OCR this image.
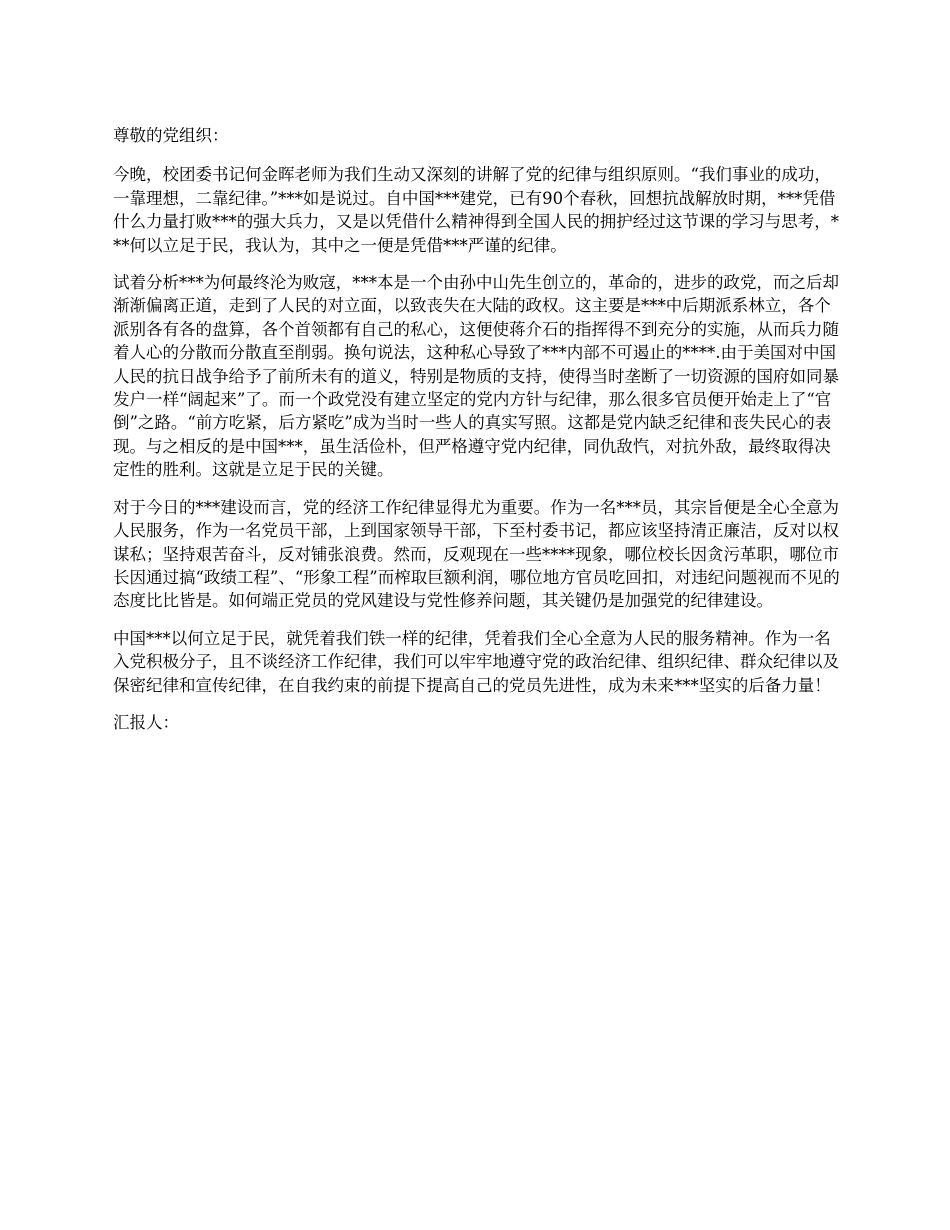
尊敬的党组织：

今晚，校团委书记何金晖老师为我们生动又深刻的讲解了党的纪律与组织原则。“我们事业的成功，一靠理想，二靠纪律。”***如是说过。自中国***建党，已有90个春秋，回想抗战解放时期，***凭借什么力量打败***的强大兵力，又是以凭借什么精神得到全国人民的拥护经过这节课的学习与思考，***何以立足于民，我认为，其中之一便是凭借***严谨的纪律。

试着分析***为何最终沦为败寇，***本是一个由孙中山先生创立的，革命的，进步的政党，而之后却渐渐偏离正道，走到了人民的对立面，以致丧失在大陆的政权。这主要是***中后期派系林立，各个派别各有各的盘算，各个首领都有自己的私心，这便使蒋介石的指挥得不到充分的实施，从而兵力随着人心的分散而分散直至削弱。换句说法，这种私心导致了***内部不可遏止的****.由于美国对中国人民的抗日战争给予了前所未有的道义，特别是物质的支持，使得当时垄断了一切资源的国府如同暴发户一样“阔起来”了。而一个政党没有建立坚定的党内方针与纪律，那么很多官员便开始走上了“官倒”之路。“前方吃紧，后方紧吃”成为当时一些人的真实写照。这都是党内缺乏纪律和丧失民心的表现。与之相反的是中国***，虽生活俭朴，但严格遵守党内纪律，同仇敌忾，对抗外敌，最终取得决定性的胜利。这就是立足于民的关键。

对于今日的***建设而言，党的经济工作纪律显得尤为重要。作为一名***员，其宗旨便是全心全意为人民服务，作为一名党员干部，上到国家领导干部，下至村委书记，都应该坚持清正廉洁，反对以权谋私；坚持艰苦奋斗，反对铺张浪费。然而，反观现在一些****现象，哪位校长因贪污革职，哪位市长因通过搞“政绩工程”、“形象工程”而榨取巨额利润，哪位地方官员吃回扣，对违纪问题视而不见的态度比比皆是。如何端正党员的党风建设与党性修养问题，其关键仍是加强党的纪律建设。

中国***以何立足于民，就凭着我们铁一样的纪律，凭着我们全心全意为人民的服务精神。作为一名入党积极分子，且不谈经济工作纪律，我们可以牢牢地遵守党的政治纪律、组织纪律、群众纪律以及保密纪律和宣传纪律，在自我约束的前提下提高自己的党员先进性，成为未来***坚实的后备力量！

汇报人：
